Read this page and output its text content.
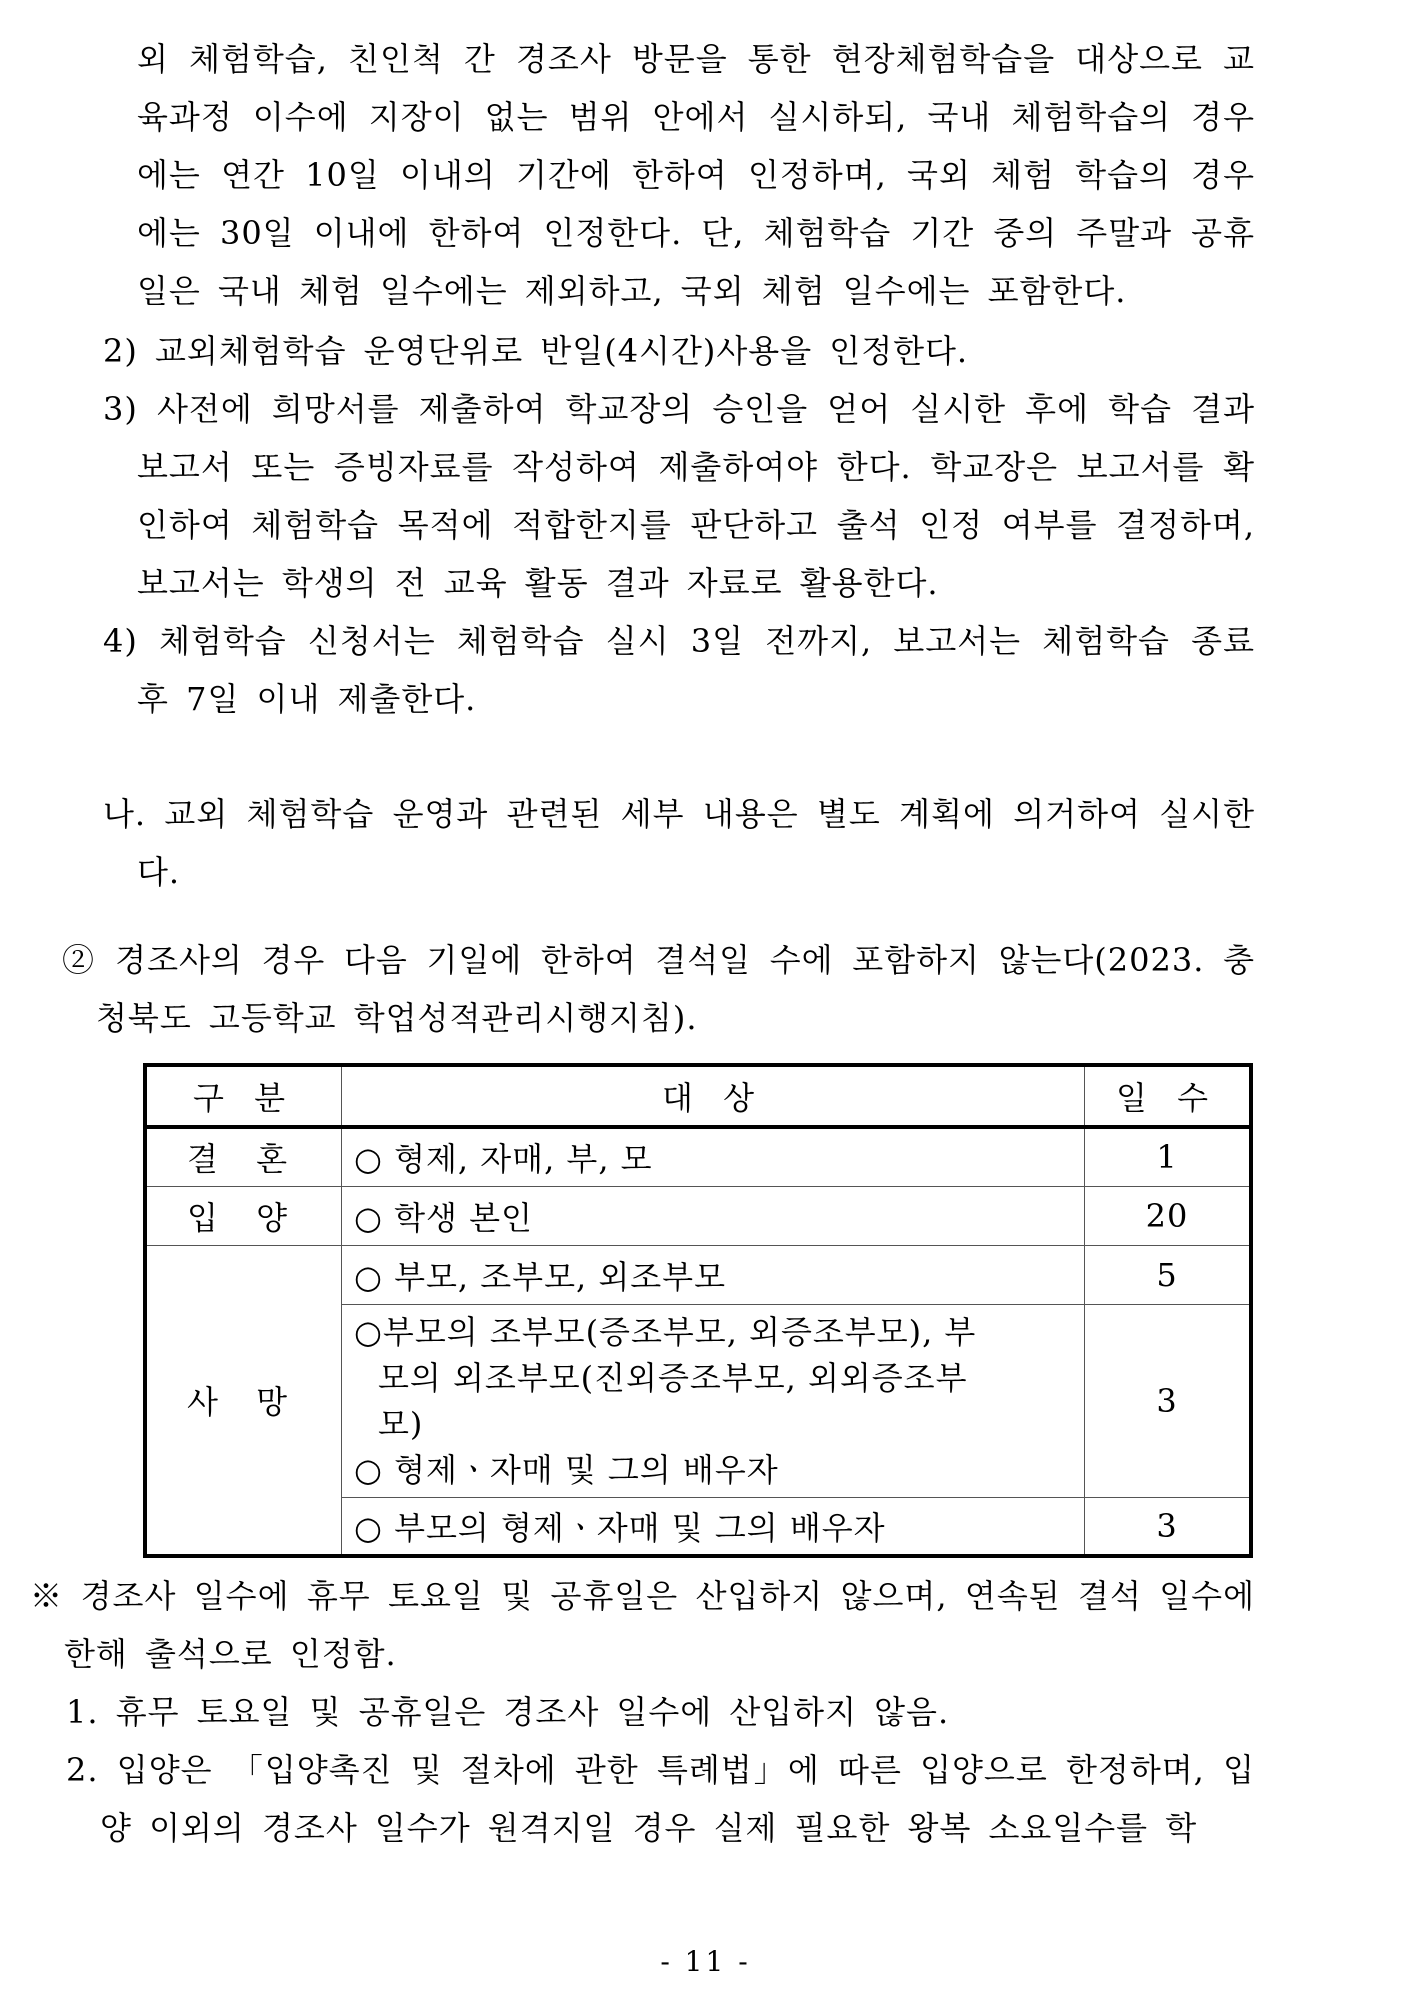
외 체험학습, 친인척 간 경조사 방문을 통한 현장체험학습을 대상으로 교육과정 이수에 지장이 없는 범위 안에서 실시하되, 국내 체험학습의 경우에는 연간 10일 이내의 기간에 한하여 인정하며, 국외 체험 학습의 경우에는 30일 이내에 한하여 인정한다. 단, 체험학습 기간 중의 주말과 공휴일은 국내 체험 일수에는 제외하고, 국외 체험 일수에는 포함한다.
2) 교외체험학습 운영단위로 반일(4시간)사용을 인정한다.
3) 사전에 희망서를 제출하여 학교장의 승인을 얻어 실시한 후에 학습 결과 보고서 또는 증빙자료를 작성하여 제출하여야 한다. 학교장은 보고서를 확인하여 체험학습 목적에 적합한지를 판단하고 출석 인정 여부를 결정하며, 보고서는 학생의 전 교육 활동 결과 자료로 활용한다.
4) 체험학습 신청서는 체험학습 실시 3일 전까지, 보고서는 체험학습 종료 후 7일 이내 제출한다.
나. 교외 체험학습 운영과 관련된 세부 내용은 별도 계획에 의거하여 실시한다.
② 경조사의 경우 다음 기일에 한하여 결석일 수에 포함하지 않는다(2023. 충청북도 고등학교 학업성적관리시행지침).
구 분	대 상	일 수
결 혼	○ 형제, 자매, 부, 모	1
입 양	○ 학생 본인	20
사 망	○ 부모, 조부모, 외조부모	5

	○부모의 조부모(증조부모, 외증조부모), 부
모의 외조부모(진외증조부모, 외외증조부
모)
○ 형제ㆍ자매 및 그의 배우자	3
	○ 부모의 형제ㆍ자매 및 그의 배우자	3
※ 경조사 일수에 휴무 토요일 및 공휴일은 산입하지 않으며, 연속된 결석 일수에 한해 출석으로 인정함.
1. 휴무 토요일 및 공휴일은 경조사 일수에 산입하지 않음.
2. 입양은 「입양촉진 및 절차에 관한 특례법」에 따른 입양으로 한정하며, 입양 이외의 경조사 일수가 원격지일 경우 실제 필요한 왕복 소요일수를 학
- 11 -
